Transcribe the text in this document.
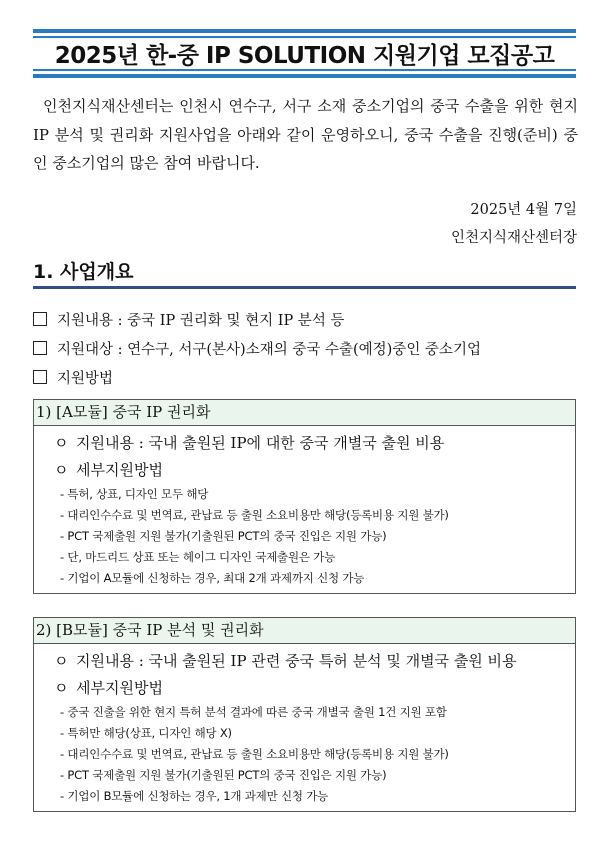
2025년 한-중 IP SOLUTION 지원기업 모집공고
인천지식재산센터는 인천시 연수구, 서구 소재 중소기업의 중국 수출을 위한 현지 IP 분석 및 권리화 지원사업을 아래와 같이 운영하오니, 중국 수출을 진행(준비) 중인 중소기업의 많은 참여 바랍니다.
2025년 4월 7일
인천지식재산센터장
1. 사업개요
지원내용 : 중국 IP 권리화 및 현지 IP 분석 등
지원대상 : 연수구, 서구(본사)소재의 중국 수출(예정)중인 중소기업
지원방법
1) [A모듈] 중국 IP 권리화
ㅇ 지원내용 : 국내 출원된 IP에 대한 중국 개별국 출원 비용
ㅇ 세부지원방법
- 특허, 상표, 디자인 모두 해당
- 대리인수수료 및 번역료, 관납료 등 출원 소요비용만 해당(등록비용 지원 불가)
- PCT 국제출원 지원 불가(기출원된 PCT의 중국 진입은 지원 가능)
- 단, 마드리드 상표 또는 헤이그 디자인 국제출원은 가능
- 기업이 A모듈에 신청하는 경우, 최대 2개 과제까지 신청 가능
2) [B모듈] 중국 IP 분석 및 권리화
ㅇ 지원내용 : 국내 출원된 IP 관련 중국 특허 분석 및 개별국 출원 비용
ㅇ 세부지원방법
- 중국 진출을 위한 현지 특허 분석 결과에 따른 중국 개별국 출원 1건 지원 포함
- 특허만 해당(상표, 디자인 해당 X)
- 대리인수수료 및 번역료, 관납료 등 출원 소요비용만 해당(등록비용 지원 불가)
- PCT 국제출원 지원 불가(기출원된 PCT의 중국 진입은 지원 가능)
- 기업이 B모듈에 신청하는 경우, 1개 과제만 신청 가능
